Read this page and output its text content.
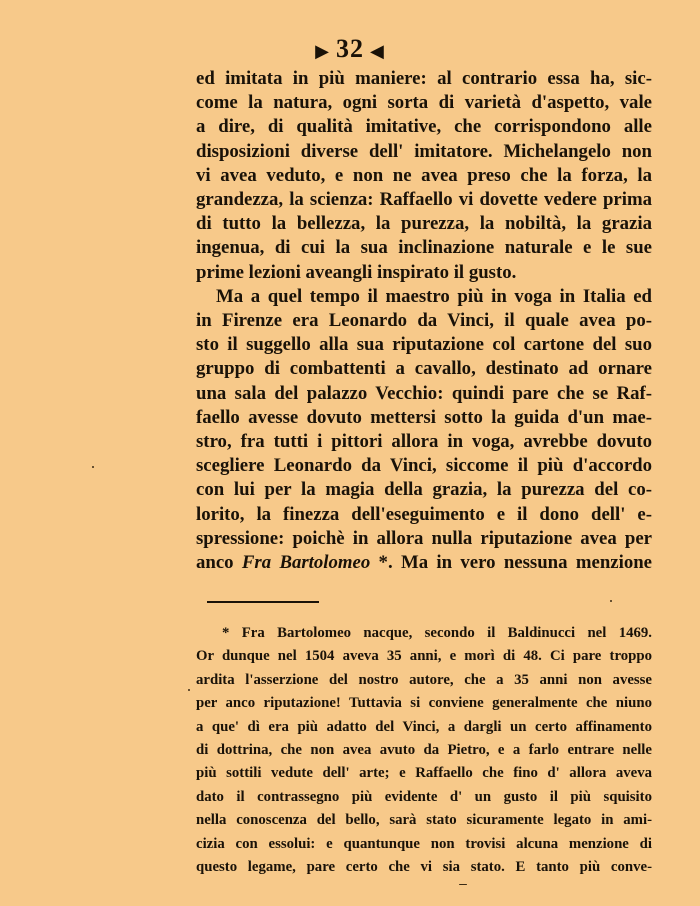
▶ 32 ◀
ed imitata in più maniere: al contrario essa ha, sic-
come la natura, ogni sorta di varietà d'aspetto, vale
a dire, di qualità imitative, che corrispondono alle
disposizioni diverse dell' imitatore. Michelangelo non
vi avea veduto, e non ne avea preso che la forza, la
grandezza, la scienza: Raffaello vi dovette vedere prima
di tutto la bellezza, la purezza, la nobiltà, la grazia
ingenua, di cui la sua inclinazione naturale e le sue
prime lezioni aveangli inspirato il gusto.
Ma a quel tempo il maestro più in voga in Italia ed
in Firenze era Leonardo da Vinci, il quale avea po-
sto il suggello alla sua riputazione col cartone del suo
gruppo di combattenti a cavallo, destinato ad ornare
una sala del palazzo Vecchio: quindi pare che se Raf-
faello avesse dovuto mettersi sotto la guida d'un mae-
stro, fra tutti i pittori allora in voga, avrebbe dovuto
scegliere Leonardo da Vinci, siccome il più d'accordo
con lui per la magia della grazia, la purezza del co-
lorito, la finezza dell'eseguimento e il dono dell' e-
spressione: poichè in allora nulla riputazione avea per
anco Fra Bartolomeo *. Ma in vero nessuna menzione
* Fra Bartolomeo nacque, secondo il Baldinucci nel 1469.
Or dunque nel 1504 aveva 35 anni, e morì di 48. Ci pare troppo
ardita l'asserzione del nostro autore, che a 35 anni non avesse
per anco riputazione! Tuttavia si conviene generalmente che niuno
a que' dì era più adatto del Vinci, a dargli un certo affinamento
di dottrina, che non avea avuto da Pietro, e a farlo entrare nelle
più sottili vedute dell' arte; e Raffaello che fino d' allora aveva
dato il contrassegno più evidente d' un gusto il più squisito
nella conoscenza del bello, sarà stato sicuramente legato in ami-
cizia con essolui: e quantunque non trovisi alcuna menzione di
questo legame, pare certo che vi sia stato. E tanto più conve-
